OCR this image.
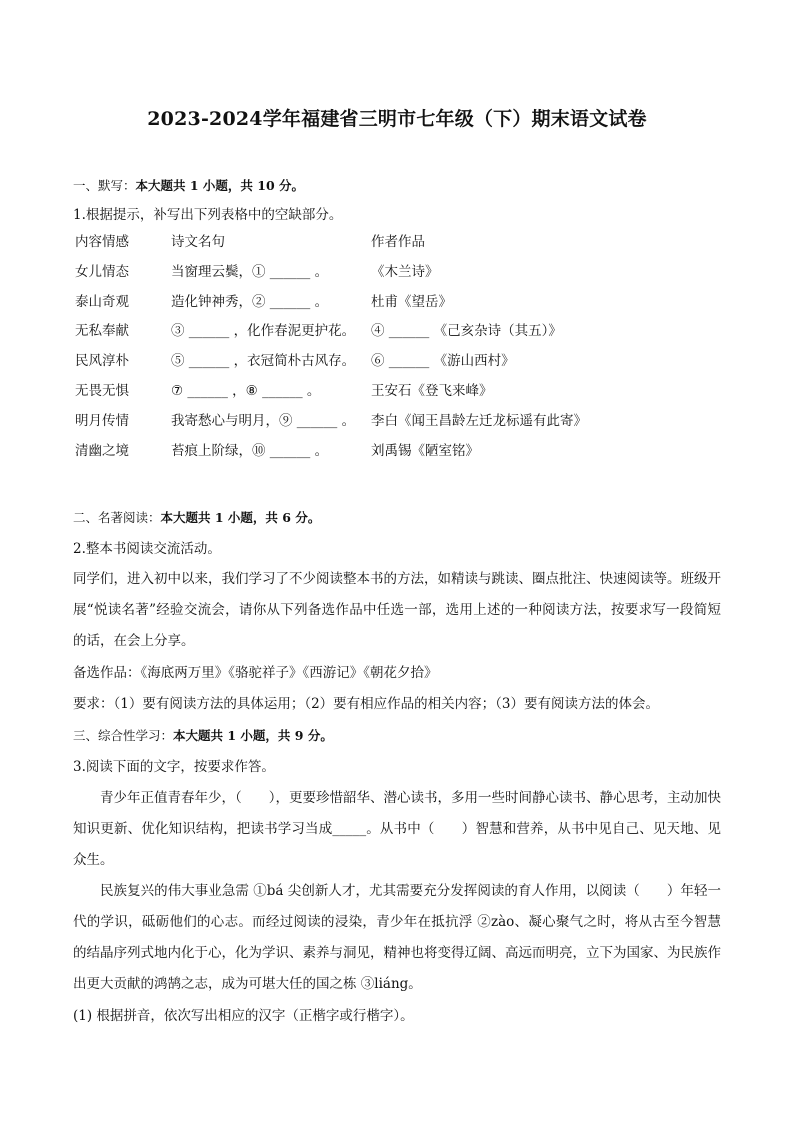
2023-2024学年福建省三明市七年级（下）期末语文试卷
一、默写：本大题共 1 小题，共 10 分。
1.根据提示，补写出下列表格中的空缺部分。
内容情感	诗文名句	作者作品
女儿情态	当窗理云鬓，① ______ 。	《木兰诗》
泰山奇观	造化钟神秀，② ______ 。	杜甫《望岳》
无私奉献	③ ______ ，化作春泥更护花。 ④ ______ 《己亥杂诗（其五）》
民风淳朴	⑤ ______ ，衣冠简朴古风存。 ⑥ ______ 《游山西村》
无畏无惧	⑦ ______ ，⑧ ______ 。	王安石《登飞来峰》
明月传情	我寄愁心与明月，⑨ ______ 。 李白《闻王昌龄左迁龙标遥有此寄》
清幽之境	苔痕上阶绿，⑩ ______ 。	刘禹锡《陋室铭》
二、名著阅读：本大题共 1 小题，共 6 分。
2.整本书阅读交流活动。
同学们，进入初中以来，我们学习了不少阅读整本书的方法，如精读与跳读、圈点批注、快速阅读等。班级开展“悦读名著”经验交流会，请你从下列备选作品中任选一部，选用上述的一种阅读方法，按要求写一段简短的话，在会上分享。
备选作品：《海底两万里》《骆驼祥子》《西游记》《朝花夕拾》
要求：（1）要有阅读方法的具体运用；（2）要有相应作品的相关内容；（3）要有阅读方法的体会。
三、综合性学习：本大题共 1 小题，共 9 分。
3.阅读下面的文字，按要求作答。
青少年正值青春年少，（　　），更要珍惜韶华、潜心读书，多用一些时间静心读书、静心思考，主动加快知识更新、优化知识结构，把读书学习当成_____。从书中（　　）智慧和营养，从书中见自己、见天地、见众生。
民族复兴的伟大事业急需 ①bá 尖创新人才，尤其需要充分发挥阅读的育人作用，以阅读（　　）年轻一代的学识，砥砺他们的心志。而经过阅读的浸染，青少年在抵抗浮 ②zào、凝心聚气之时，将从古至今智慧的结晶序列式地内化于心，化为学识、素养与洞见，精神也将变得辽阔、高远而明亮，立下为国家、为民族作出更大贡献的鸿鹄之志，成为可堪大任的国之栋 ③liáng。
(1) 根据拼音，依次写出相应的汉字（正楷字或行楷字）。
